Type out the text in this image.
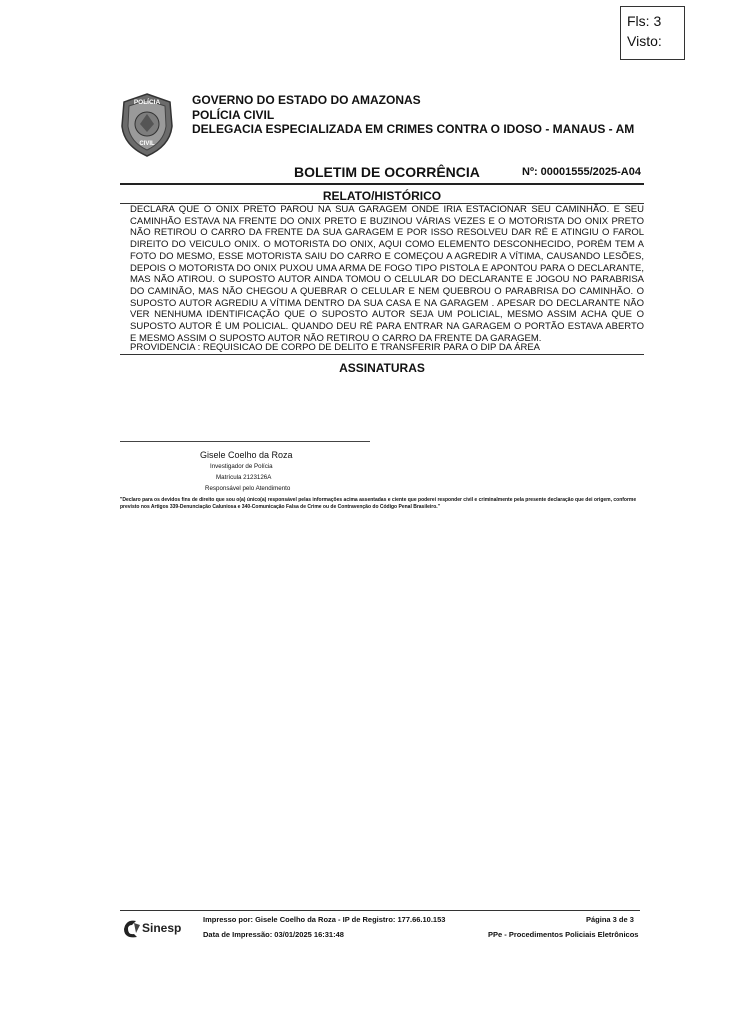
Fls: 3
Visto:
POLÍCIA
CIVIL
GOVERNO DO ESTADO DO AMAZONAS
POLÍCIA CIVIL
DELEGACIA ESPECIALIZADA EM CRIMES CONTRA O IDOSO - MANAUS - AM
BOLETIM DE OCORRÊNCIA	Nº: 00001555/2025-A04
RELATO/HISTÓRICO
DECLARA QUE O ONIX PRETO PAROU NA SUA GARAGEM ONDE IRIA ESTACIONAR SEU CAMINHÃO. E SEU CAMINHÃO ESTAVA NA FRENTE DO ONIX PRETO E BUZINOU VÁRIAS VEZES E O MOTORISTA DO ONIX PRETO NÃO RETIROU O CARRO DA FRENTE DA SUA GARAGEM E POR ISSO RESOLVEU DAR RÉ E ATINGIU O FAROL DIREITO DO VEICULO ONIX. O MOTORISTA DO ONIX, AQUI COMO ELEMENTO DESCONHECIDO, PORÉM TEM A FOTO DO MESMO, ESSE MOTORISTA SAIU DO CARRO E COMEÇOU A AGREDIR A VÍTIMA, CAUSANDO LESÕES, DEPOIS O MOTORISTA DO ONIX PUXOU UMA ARMA DE FOGO TIPO PISTOLA E APONTOU PARA O DECLARANTE, MAS NÃO ATIROU. O SUPOSTO AUTOR AINDA TOMOU O CELULAR DO DECLARANTE E JOGOU NO PARABRISA DO CAMINÃO, MAS NÃO CHEGOU A QUEBRAR O CELULAR E NEM QUEBROU O PARABRISA DO CAMINHÃO. O SUPOSTO AUTOR AGREDIU A VÍTIMA DENTRO DA SUA CASA E NA GARAGEM . APESAR DO DECLARANTE NÃO VER NENHUMA IDENTIFICAÇÃO QUE O SUPOSTO AUTOR SEJA UM POLICIAL, MESMO ASSIM ACHA QUE O SUPOSTO AUTOR É UM POLICIAL. QUANDO DEU RÉ PARA ENTRAR NA GARAGEM O PORTÃO ESTAVA ABERTO E MESMO ASSIM O SUPOSTO AUTOR NÃO RETIROU O CARRO DA FRENTE DA GARAGEM.
PROVIDENCIA : REQUISICAO DE CORPO DE DELITO E TRANSFERIR PARA O DIP DA ÁREA
ASSINATURAS
Gisele Coelho da Roza
Investigador de Polícia
Matrícula 2123126A
Responsável pelo Atendimento
"Declaro para os devidos fins de direito que sou o(a) único(a) responsável pelas informações acima assentadas e ciente que poderei responder civil e criminalmente pela presente declaração que dei origem, conforme previsto nos Artigos 339-Denunciação Caluniosa e 340-Comunicação Falsa de Crime ou de Contravenção do Código Penal Brasileiro."
Sinesp
Impresso por: Gisele Coelho da Roza - IP de Registro: 177.66.10.153
Data de Impressão: 03/01/2025 16:31:48
Página 3 de 3
PPe - Procedimentos Policiais Eletrônicos
